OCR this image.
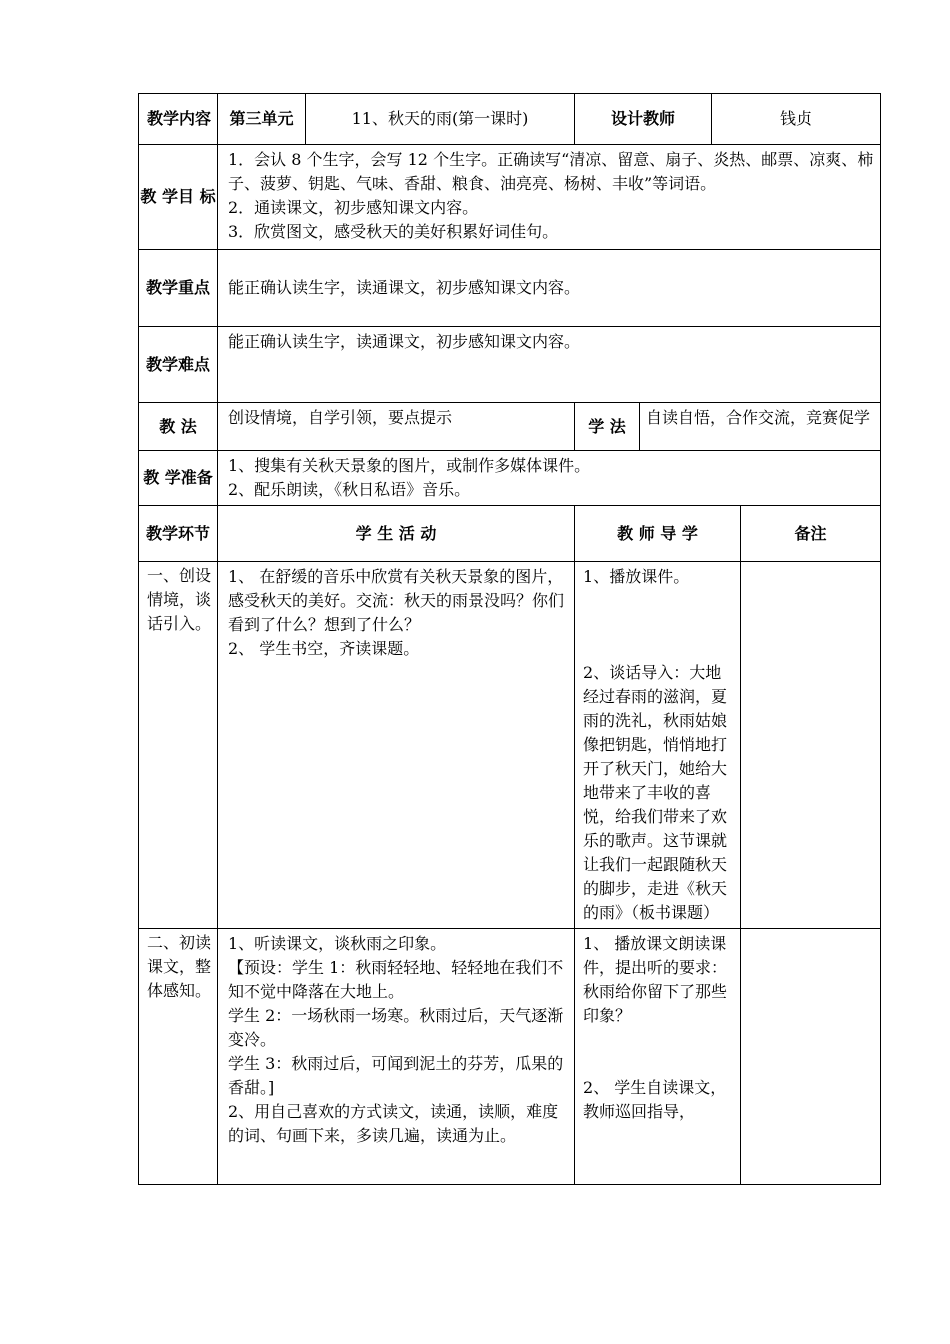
教学内容	第三单元	11、秋天的雨(第一课时)	设计教师		钱贞	
教 学目 标	1．会认 8 个生字，会写 12 个生字。正确读写“清凉、留意、扇子、炎热、邮票、凉爽、柿子、菠萝、钥匙、气味、香甜、粮食、油亮亮、杨树、丰收”等词语。
2．通读课文，初步感知课文内容。
3．欣赏图文，感受秋天的美好积累好词佳句。					

教学重点	能正确认读生字，读通课文，初步感知课文内容。					
教学难点	能正确认读生字，读通课文，初步感知课文内容。					
教 法	创设情境，自学引领，要点提示		学 法	自读自悟，合作交流，竞赛促学		
教 学准备	1、搜集有关秋天景象的图片，或制作多媒体课件。
2、配乐朗读，《秋日私语》音乐。					

教学环节	学 生 活 动		教 师 导 学			备注
一、创设情境，谈话引入。	1、 在舒缓的音乐中欣赏有关秋天景象的图片，感受秋天的美好。交流：秋天的雨景没吗？你们看到了什么？想到了什么？
2、 学生书空，齐读课题。		1、播放课件。
2、谈话导入：大地经过春雨的滋润，夏雨的洗礼，秋雨姑娘像把钥匙，悄悄地打开了秋天门，她给大地带来了丰收的喜悦，给我们带来了欢乐的歌声。这节课就让我们一起跟随秋天的脚步，走进《秋天的雨》（板书课题）			

二、初读课文，整体感知。	1、听读课文，谈秋雨之印象。
【预设：学生 1：秋雨轻轻地、轻轻地在我们不知不觉中降落在大地上。
学生 2：一场秋雨一场寒。秋雨过后，天气逐渐变冷。
学生 3：秋雨过后，可闻到泥土的芬芳，瓜果的香甜。]
2、用自己喜欢的方式读文，读通，读顺，难度的词、句画下来，多读几遍，读通为止。		1、 播放课文朗读课件，提出听的要求：秋雨给你留下了那些印象？
2、 学生自读课文，教师巡回指导，			
